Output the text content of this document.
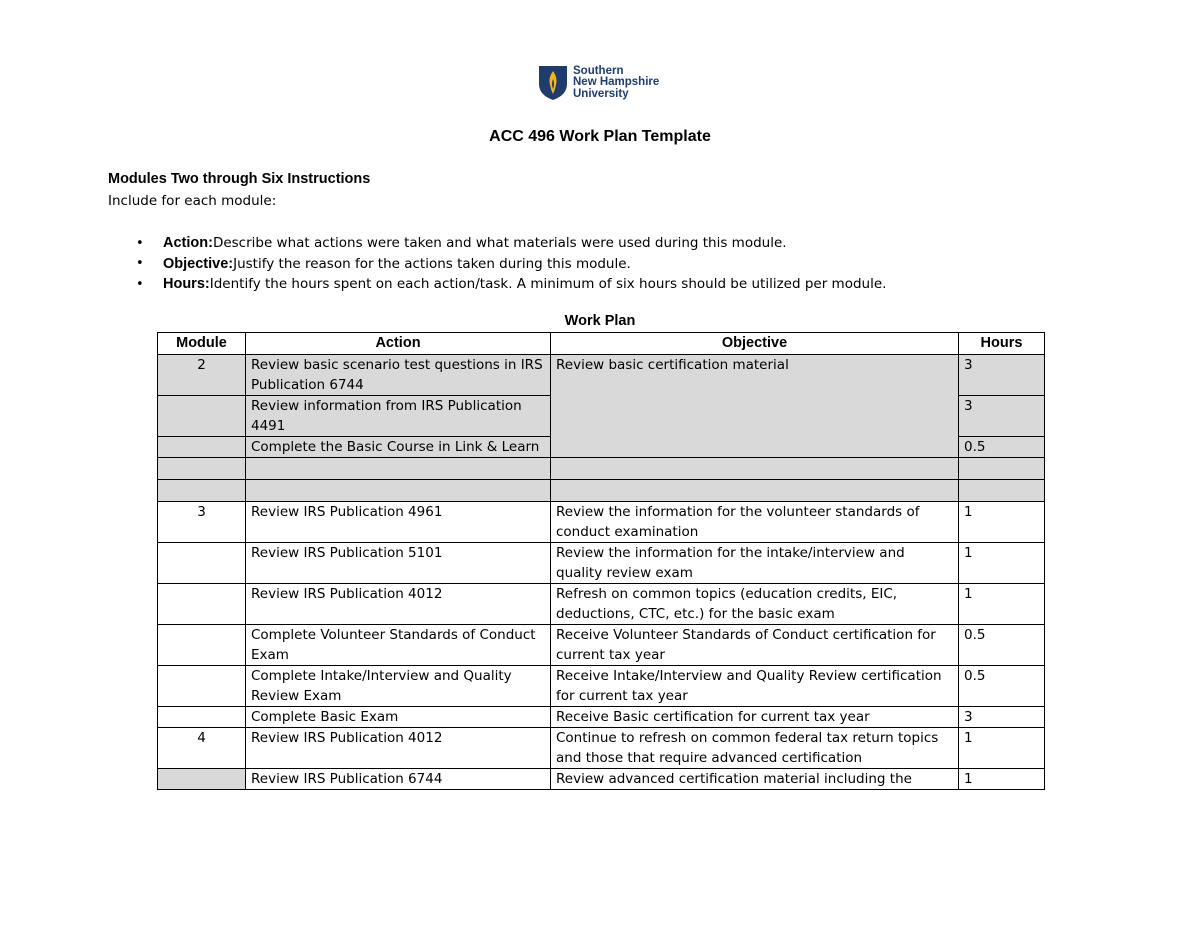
Southern
New Hampshire
University
ACC 496 Work Plan Template
Modules Two through Six Instructions
Include for each module:
•	Action: Describe what actions were taken and what materials were used during this module.
•	Objective: Justify the reason for the actions taken during this module.
•	Hours: Identify the hours spent on each action/task. A minimum of six hours should be utilized per module.
Work Plan
Module	Action	Objective	Hours
2	Review basic scenario test questions in IRS Publication 6744	Review basic certification material	3
	Review information from IRS Publication 4491		3
	Complete the Basic Course in Link & Learn		0.5

3	Review IRS Publication 4961	Review the information for the volunteer standards of conduct examination	1
	Review IRS Publication 5101	Review the information for the intake/interview and quality review exam	1
	Review IRS Publication 4012	Refresh on common topics (education credits, EIC, deductions, CTC, etc.) for the basic exam	1
	Complete Volunteer Standards of Conduct Exam	Receive Volunteer Standards of Conduct certification for current tax year	0.5
	Complete Intake/Interview and Quality Review Exam	Receive Intake/Interview and Quality Review certification for current tax year	0.5
	Complete Basic Exam	Receive Basic certification for current tax year	3
4	Review IRS Publication 4012	Continue to refresh on common federal tax return topics and those that require advanced certification	1
	Review IRS Publication 6744	Review advanced certification material including the	1
